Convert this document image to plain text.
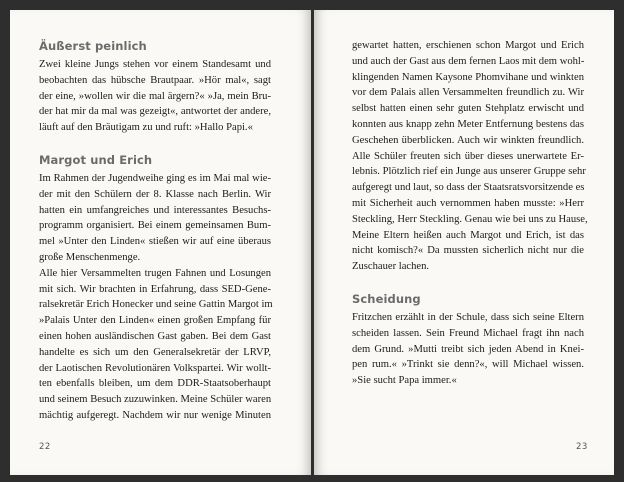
Äußerst peinlich
Zwei kleine Jungs stehen vor einem Standesamt und
beobachten das hübsche Brautpaar. »Hör mal«, sagt
der eine, »wollen wir die mal ärgern?« »Ja, mein Bru-
der hat mir da mal was gezeigt«, antwortet der andere,
läuft auf den Bräutigam zu und ruft: »Hallo Papi.«
Margot und Erich
Im Rahmen der Jugendweihe ging es im Mai mal wie-
der mit den Schülern der 8. Klasse nach Berlin. Wir
hatten ein umfangreiches und interessantes Besuchs-
programm organisiert. Bei einem gemeinsamen Bum-
mel »Unter den Linden« stießen wir auf eine überaus
große Menschenmenge.
Alle hier Versammelten trugen Fahnen und Losungen
mit sich. Wir brachten in Erfahrung, dass SED-Gene-
ralsekretär Erich Honecker und seine Gattin Margot im
»Palais Unter den Linden« einen großen Empfang für
einen hohen ausländischen Gast gaben. Bei dem Gast
handelte es sich um den Generalsekretär der LRVP,
der Laotischen Revolutionären Volkspartei. Wir wollt-
ten ebenfalls bleiben, um dem DDR-Staatsoberhaupt
und seinem Besuch zuzuwinken. Meine Schüler waren
mächtig aufgeregt. Nachdem wir nur wenige Minuten
22
gewartet hatten, erschienen schon Margot und Erich
und auch der Gast aus dem fernen Laos mit dem wohl-
klingenden Namen Kaysone Phomvihane und winkten
vor dem Palais allen Versammelten freundlich zu. Wir
selbst hatten einen sehr guten Stehplatz erwischt und
konnten aus knapp zehn Meter Entfernung bestens das
Geschehen überblicken. Auch wir winkten freundlich.
Alle Schüler freuten sich über dieses unerwartete Er-
lebnis. Plötzlich rief ein Junge aus unserer Gruppe sehr
aufgeregt und laut, so dass der Staatsratsvorsitzende es
mit Sicherheit auch vernommen haben musste: »Herr
Steckling, Herr Steckling. Genau wie bei uns zu Hause,
Meine Eltern heißen auch Margot und Erich, ist das
nicht komisch?« Da mussten sicherlich nicht nur die
Zuschauer lachen.
Scheidung
Fritzchen erzählt in der Schule, dass sich seine Eltern
scheiden lassen. Sein Freund Michael fragt ihn nach
dem Grund. »Mutti treibt sich jeden Abend in Knei-
pen rum.« »Trinkt sie denn?«, will Michael wissen.
»Sie sucht Papa immer.«
23
